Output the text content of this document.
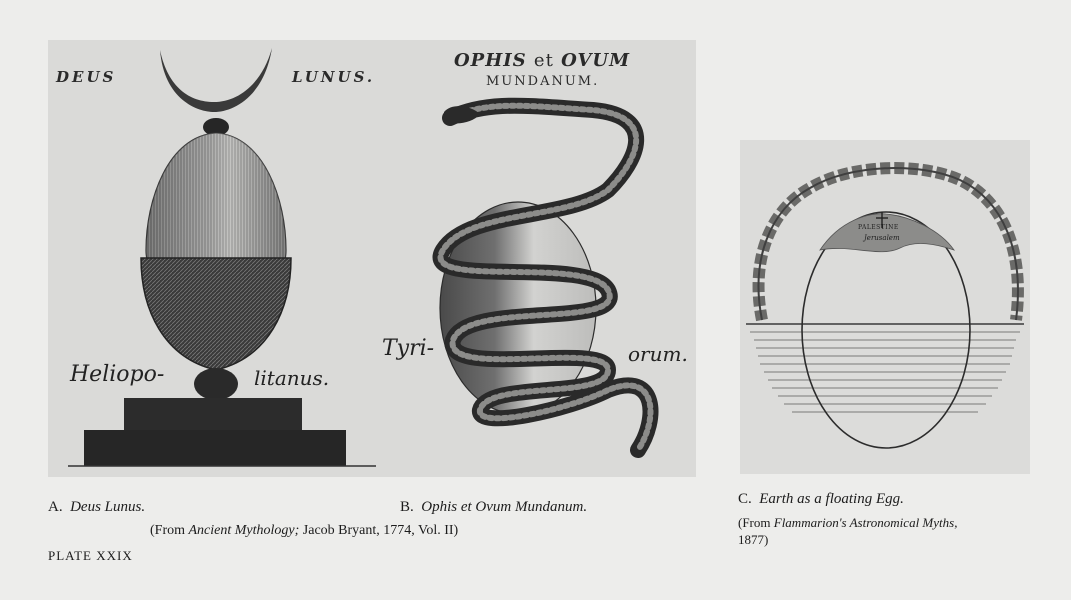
DEUS	LUNUS.
OPHIS et OVUM
MUNDANUM.
Heliopo-	litanus.
Tyri-	orum.
PALESTINE
Jerusalem
A. Deus Lunus.	B. Ophis et Ovum Mundanum.
(From Ancient Mythology; Jacob Bryant, 1774, Vol. II)
C. Earth as a floating Egg.
(From Flammarion's Astronomical Myths,
1877)
PLATE XXIX
